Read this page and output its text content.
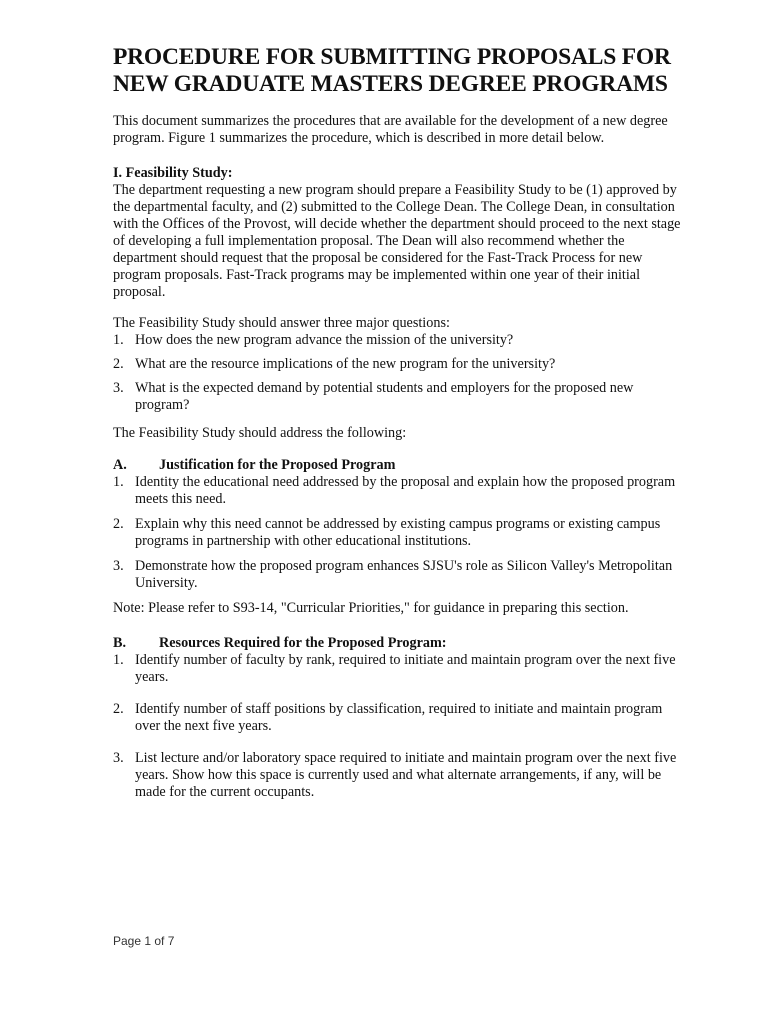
PROCEDURE FOR SUBMITTING PROPOSALS FOR NEW GRADUATE MASTERS DEGREE PROGRAMS

This document summarizes the procedures that are available for the development of a new degree program. Figure 1 summarizes the procedure, which is described in more detail below.

I. Feasibility Study:

The department requesting a new program should prepare a Feasibility Study to be (1) approved by the departmental faculty, and (2) submitted to the College Dean. The College Dean, in consultation with the Offices of the Provost, will decide whether the department should proceed to the next stage of developing a full implementation proposal. The Dean will also recommend whether the department should request that the proposal be considered for the Fast-Track Process for new program proposals. Fast-Track programs may be implemented within one year of their initial proposal.

The Feasibility Study should answer three major questions:

1. How does the new program advance the mission of the university?
2. What are the resource implications of the new program for the university?
3. What is the expected demand by potential students and employers for the proposed new program?

The Feasibility Study should address the following:

A.	Justification for the Proposed Program
1. Identity the educational need addressed by the proposal and explain how the proposed program meets this need.
2. Explain why this need cannot be addressed by existing campus programs or existing campus programs in partnership with other educational institutions.
3. Demonstrate how the proposed program enhances SJSU's role as Silicon Valley's Metropolitan University.

Note: Please refer to S93-14, "Curricular Priorities," for guidance in preparing this section.

B.	Resources Required for the Proposed Program:
1. Identify number of faculty by rank, required to initiate and maintain program over the next five years.
2. Identify number of staff positions by classification, required to initiate and maintain program over the next five years.
3. List lecture and/or laboratory space required to initiate and maintain program over the next five years. Show how this space is currently used and what alternate arrangements, if any, will be made for the current occupants.
Page 1 of 7
